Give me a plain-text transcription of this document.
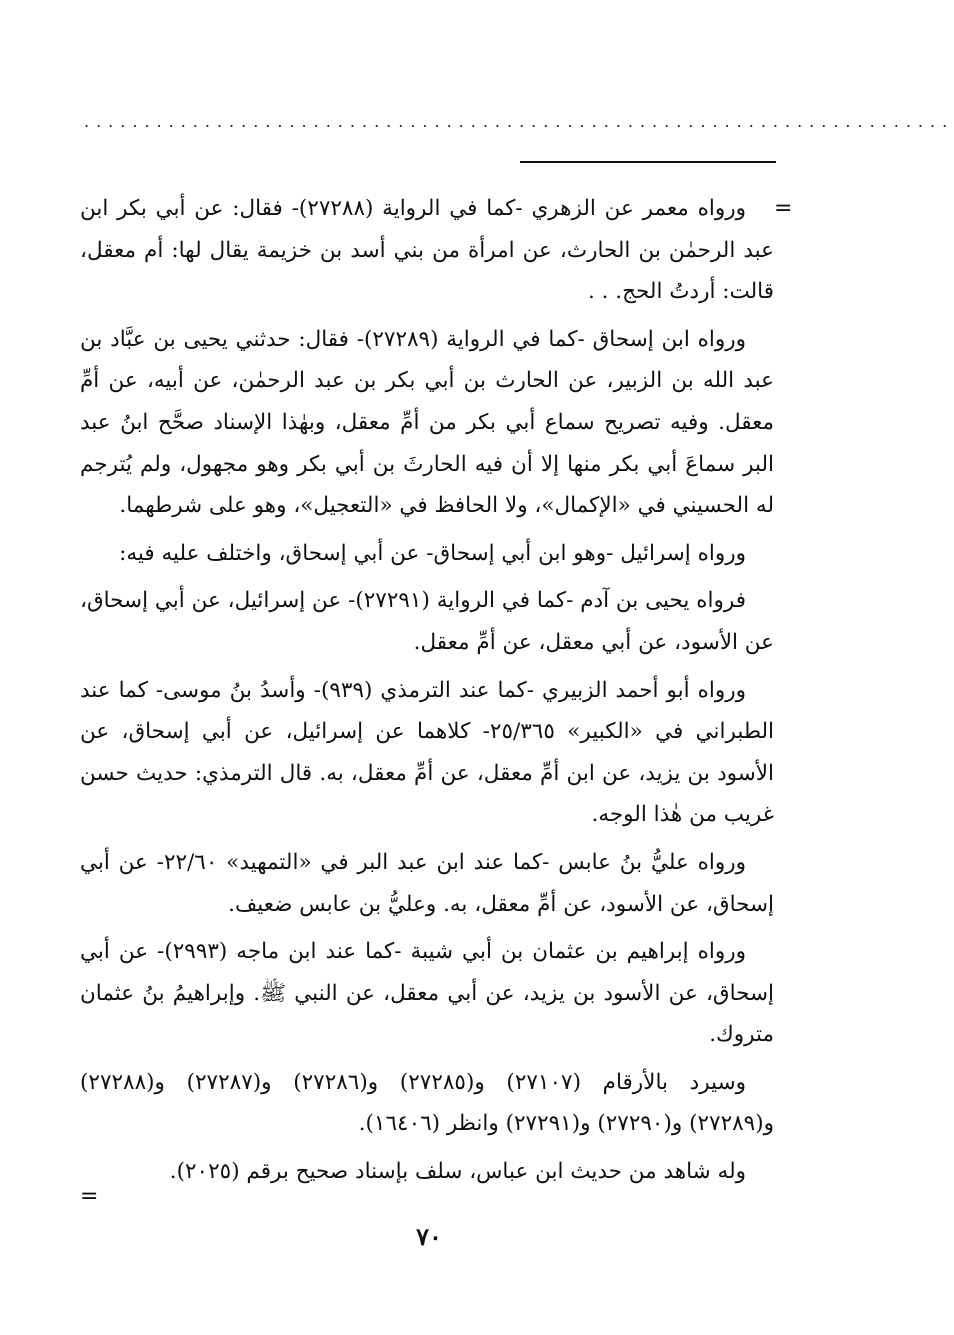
........................................................................
=

ورواه معمر عن الزهري -كما في الرواية (٢٧٢٨٨)- فقال: عن أبي بكر ابن عبد الرحمٰن بن الحارث، عن امرأة من بني أسد بن خزيمة يقال لها: أم معقل، قالت: أردتُ الحج. . .

ورواه ابن إسحاق -كما في الرواية (٢٧٢٨٩)- فقال: حدثني يحيى بن عبَّاد بن عبد الله بن الزبير، عن الحارث بن أبي بكر بن عبد الرحمٰن، عن أبيه، عن أمِّ معقل. وفيه تصريح سماع أبي بكر من أمِّ معقل، وبهٰذا الإسناد صحَّح ابنُ عبد البر سماعَ أبي بكر منها إلا أن فيه الحارثَ بن أبي بكر وهو مجهول، ولم يُترجم له الحسيني في «الإكمال»، ولا الحافظ في «التعجيل»، وهو على شرطهما.

ورواه إسرائيل -وهو ابن أبي إسحاق- عن أبي إسحاق، واختلف عليه فيه:

فرواه يحيى بن آدم -كما في الرواية (٢٧٢٩١)- عن إسرائيل، عن أبي إسحاق، عن الأسود، عن أبي معقل، عن أمِّ معقل.

ورواه أبو أحمد الزبيري -كما عند الترمذي (٩٣٩)- وأسدُ بنُ موسى- كما عند الطبراني في «الكبير» ٢٥/٣٦٥- كلاهما عن إسرائيل، عن أبي إسحاق، عن الأسود بن يزيد، عن ابن أمِّ معقل، عن أمِّ معقل، به. قال الترمذي: حديث حسن غريب من هٰذا الوجه.

ورواه عليُّ بنُ عابس -كما عند ابن عبد البر في «التمهيد» ٢٢/٦٠- عن أبي إسحاق، عن الأسود، عن أمِّ معقل، به. وعليُّ بن عابس ضعيف.

ورواه إبراهيم بن عثمان بن أبي شيبة -كما عند ابن ماجه (٢٩٩٣)- عن أبي إسحاق، عن الأسود بن يزيد، عن أبي معقل، عن النبي ﷺ. وإبراهيمُ بنُ عثمان متروك.

وسيرد بالأرقام (٢٧١٠٧) و(٢٧٢٨٥) و(٢٧٢٨٦) و(٢٧٢٨٧) و(٢٧٢٨٨) و(٢٧٢٨٩) و(٢٧٢٩٠) و(٢٧٢٩١) وانظر (١٦٤٠٦).

وله شاهد من حديث ابن عباس، سلف بإسناد صحيح برقم (٢٠٢٥).

=
٧٠
